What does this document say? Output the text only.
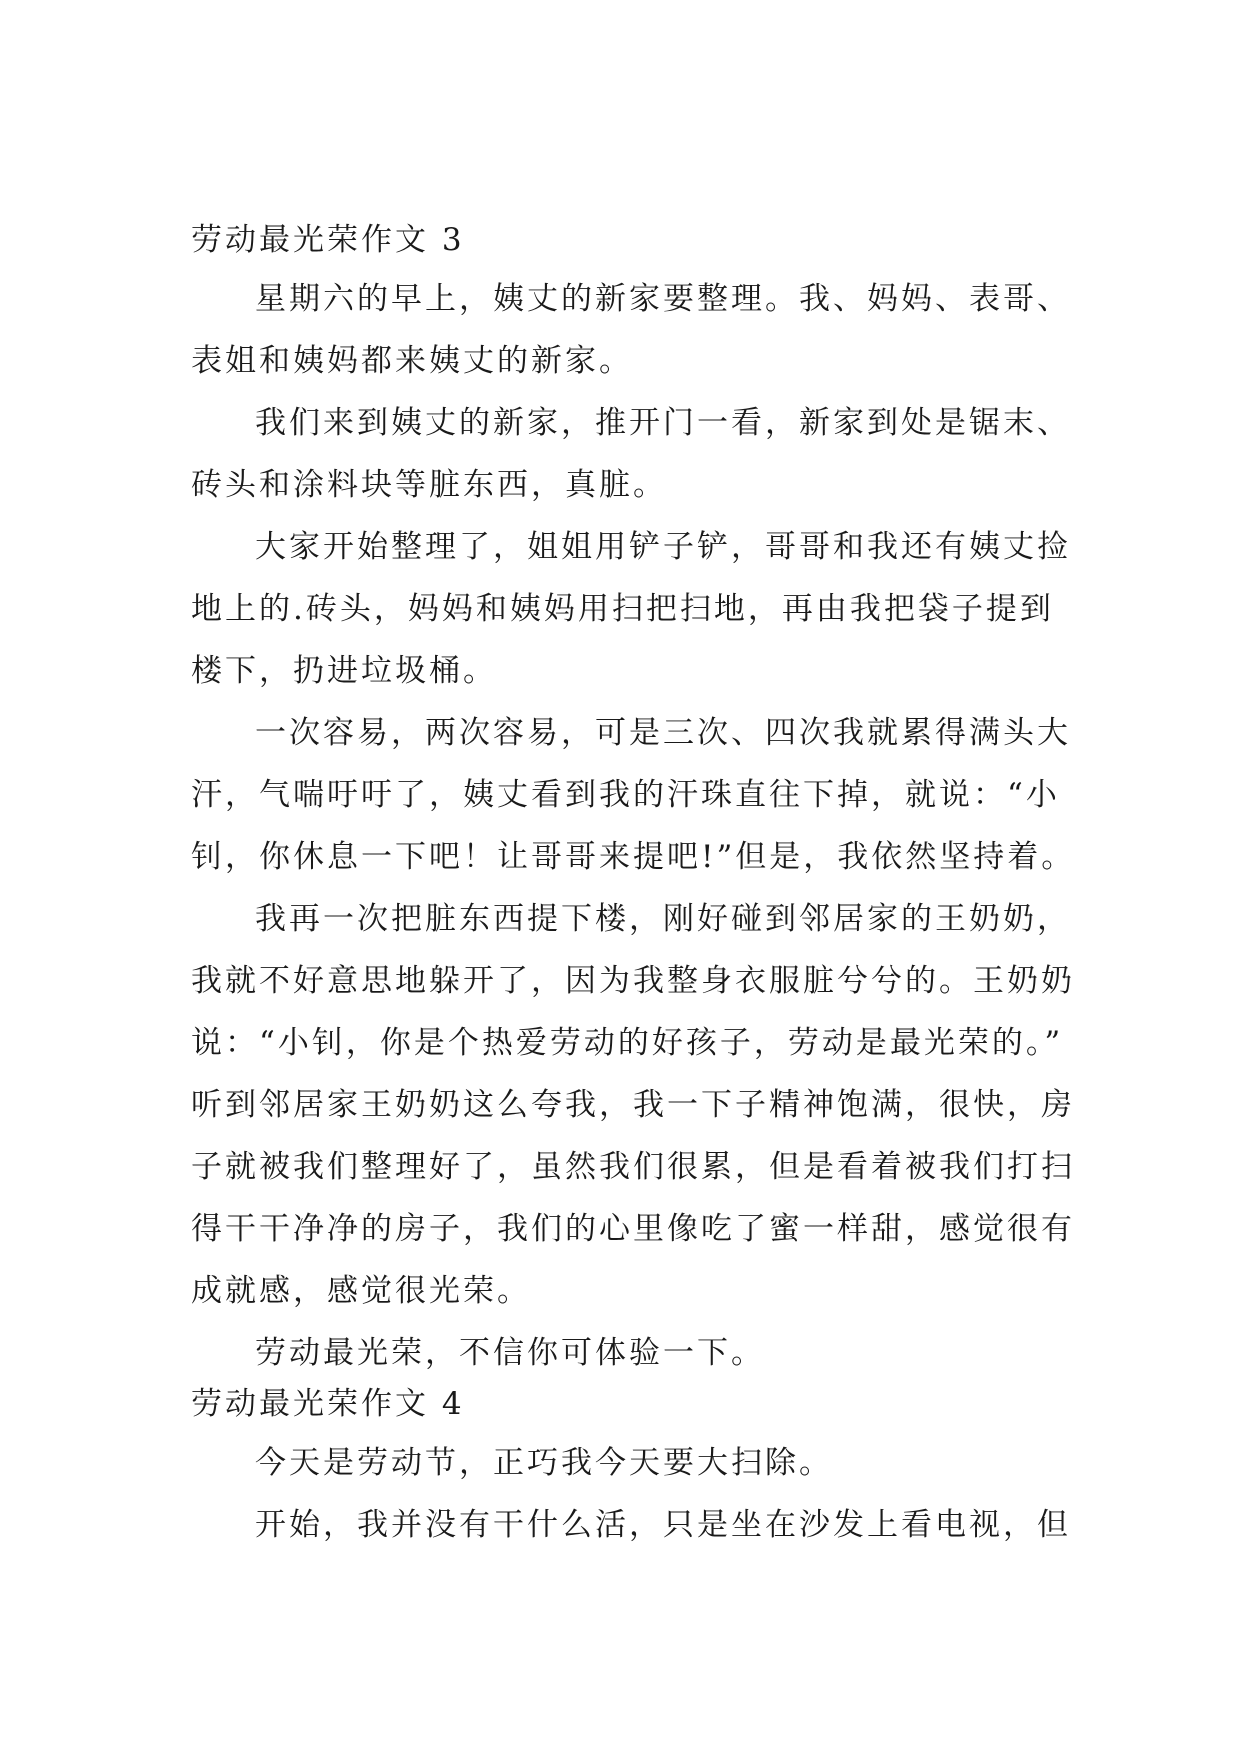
劳动最光荣作文 3
星期六的早上，姨丈的新家要整理。我、妈妈、表哥、
表姐和姨妈都来姨丈的新家。
我们来到姨丈的新家，推开门一看，新家到处是锯末、
砖头和涂料块等脏东西，真脏。
大家开始整理了，姐姐用铲子铲，哥哥和我还有姨丈捡
地上的.砖头，妈妈和姨妈用扫把扫地，再由我把袋子提到
楼下，扔进垃圾桶。
一次容易，两次容易，可是三次、四次我就累得满头大
汗，气喘吁吁了，姨丈看到我的汗珠直往下掉，就说：“小
钊，你休息一下吧！让哥哥来提吧!”但是，我依然坚持着。
我再一次把脏东西提下楼，刚好碰到邻居家的王奶奶，
我就不好意思地躲开了，因为我整身衣服脏兮兮的。王奶奶
说：“小钊，你是个热爱劳动的好孩子，劳动是最光荣的。”
听到邻居家王奶奶这么夸我，我一下子精神饱满，很快，房
子就被我们整理好了，虽然我们很累，但是看着被我们打扫
得干干净净的房子，我们的心里像吃了蜜一样甜，感觉很有
成就感，感觉很光荣。
劳动最光荣，不信你可体验一下。
劳动最光荣作文 4
今天是劳动节，正巧我今天要大扫除。
开始，我并没有干什么活，只是坐在沙发上看电视，但
